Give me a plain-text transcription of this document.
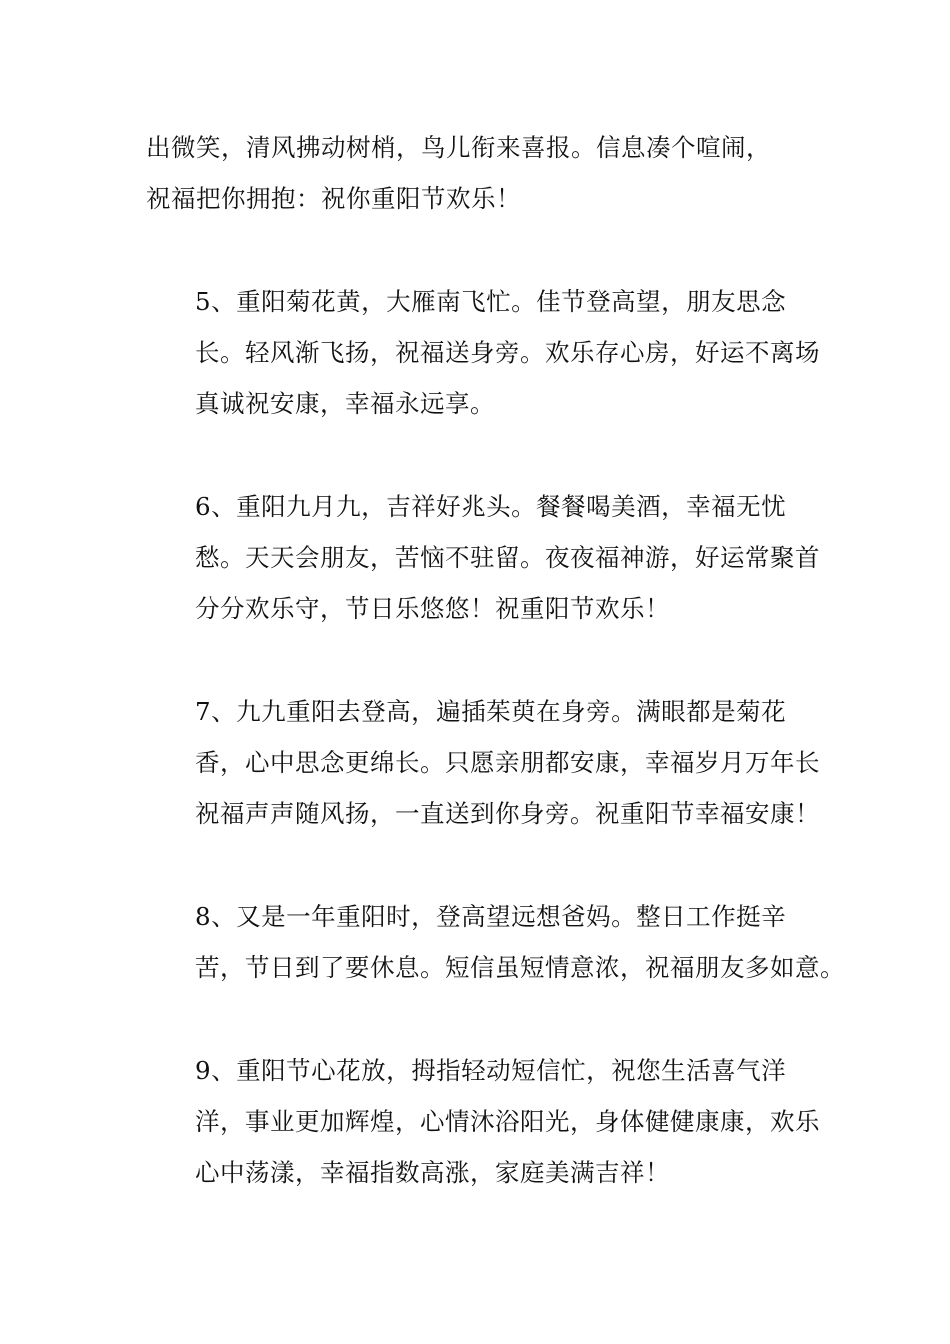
出微笑，清风拂动树梢，鸟儿衔来喜报。信息凑个喧闹，
祝福把你拥抱：祝你重阳节欢乐！

5、重阳菊花黄，大雁南飞忙。佳节登高望，朋友思念
长。轻风渐飞扬，祝福送身旁。欢乐存心房，好运不离场
真诚祝安康，幸福永远享。

6、重阳九月九，吉祥好兆头。餐餐喝美酒，幸福无忧
愁。天天会朋友，苦恼不驻留。夜夜福神游，好运常聚首
分分欢乐守，节日乐悠悠！祝重阳节欢乐！

7、九九重阳去登高，遍插茱萸在身旁。满眼都是菊花
香，心中思念更绵长。只愿亲朋都安康，幸福岁月万年长
祝福声声随风扬，一直送到你身旁。祝重阳节幸福安康！

8、又是一年重阳时，登高望远想爸妈。整日工作挺辛
苦，节日到了要休息。短信虽短情意浓，祝福朋友多如意。

9、重阳节心花放，拇指轻动短信忙，祝您生活喜气洋
洋，事业更加辉煌，心情沐浴阳光，身体健健康康，欢乐
心中荡漾，幸福指数高涨，家庭美满吉祥！
